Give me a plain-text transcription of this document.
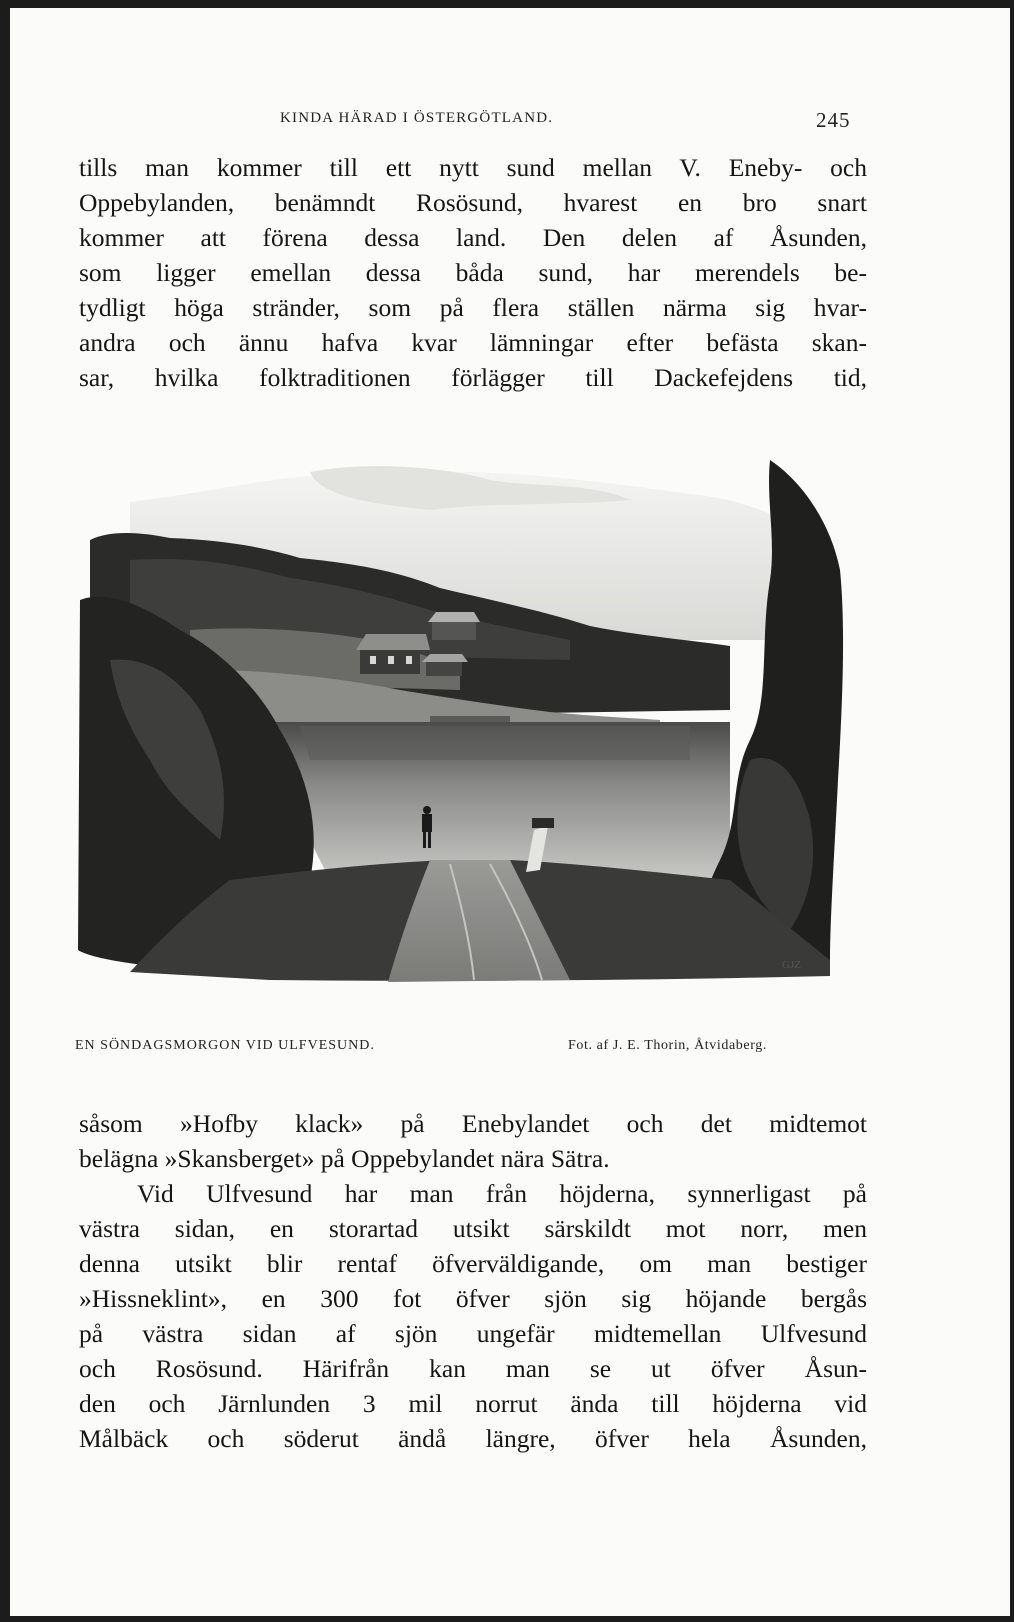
KINDA HÄRAD I ÖSTERGÖTLAND.	245

tills man kommer till ett nytt sund mellan V. Eneby- och
Oppebylanden, benämndt Rosösund, hvarest en bro snart
kommer att förena dessa land. Den delen af Åsunden,
som ligger emellan dessa båda sund, har merendels be-
tydligt höga stränder, som på flera ställen närma sig hvar-
andra och ännu hafva kvar lämningar efter befästa skan-
sar, hvilka folktraditionen förlägger till Dackefejdens tid,

GJZ
EN SÖNDAGSMORGON VID ULFVESUND.	Fot. af J. E. Thorin, Åtvidaberg.

såsom »Hofby klack» på Enebylandet och det midtemot
belägna »Skansberget» på Oppebylandet nära Sätra.
Vid Ulfvesund har man från höjderna, synnerligast på
västra sidan, en storartad utsikt särskildt mot norr, men
denna utsikt blir rentaf öfverväldigande, om man bestiger
»Hissneklint», en 300 fot öfver sjön sig höjande bergås
på västra sidan af sjön ungefär midtemellan Ulfvesund
och Rosösund. Härifrån kan man se ut öfver Åsun-
den och Järnlunden 3 mil norrut ända till höjderna vid
Målbäck och söderut ändå längre, öfver hela Åsunden,
